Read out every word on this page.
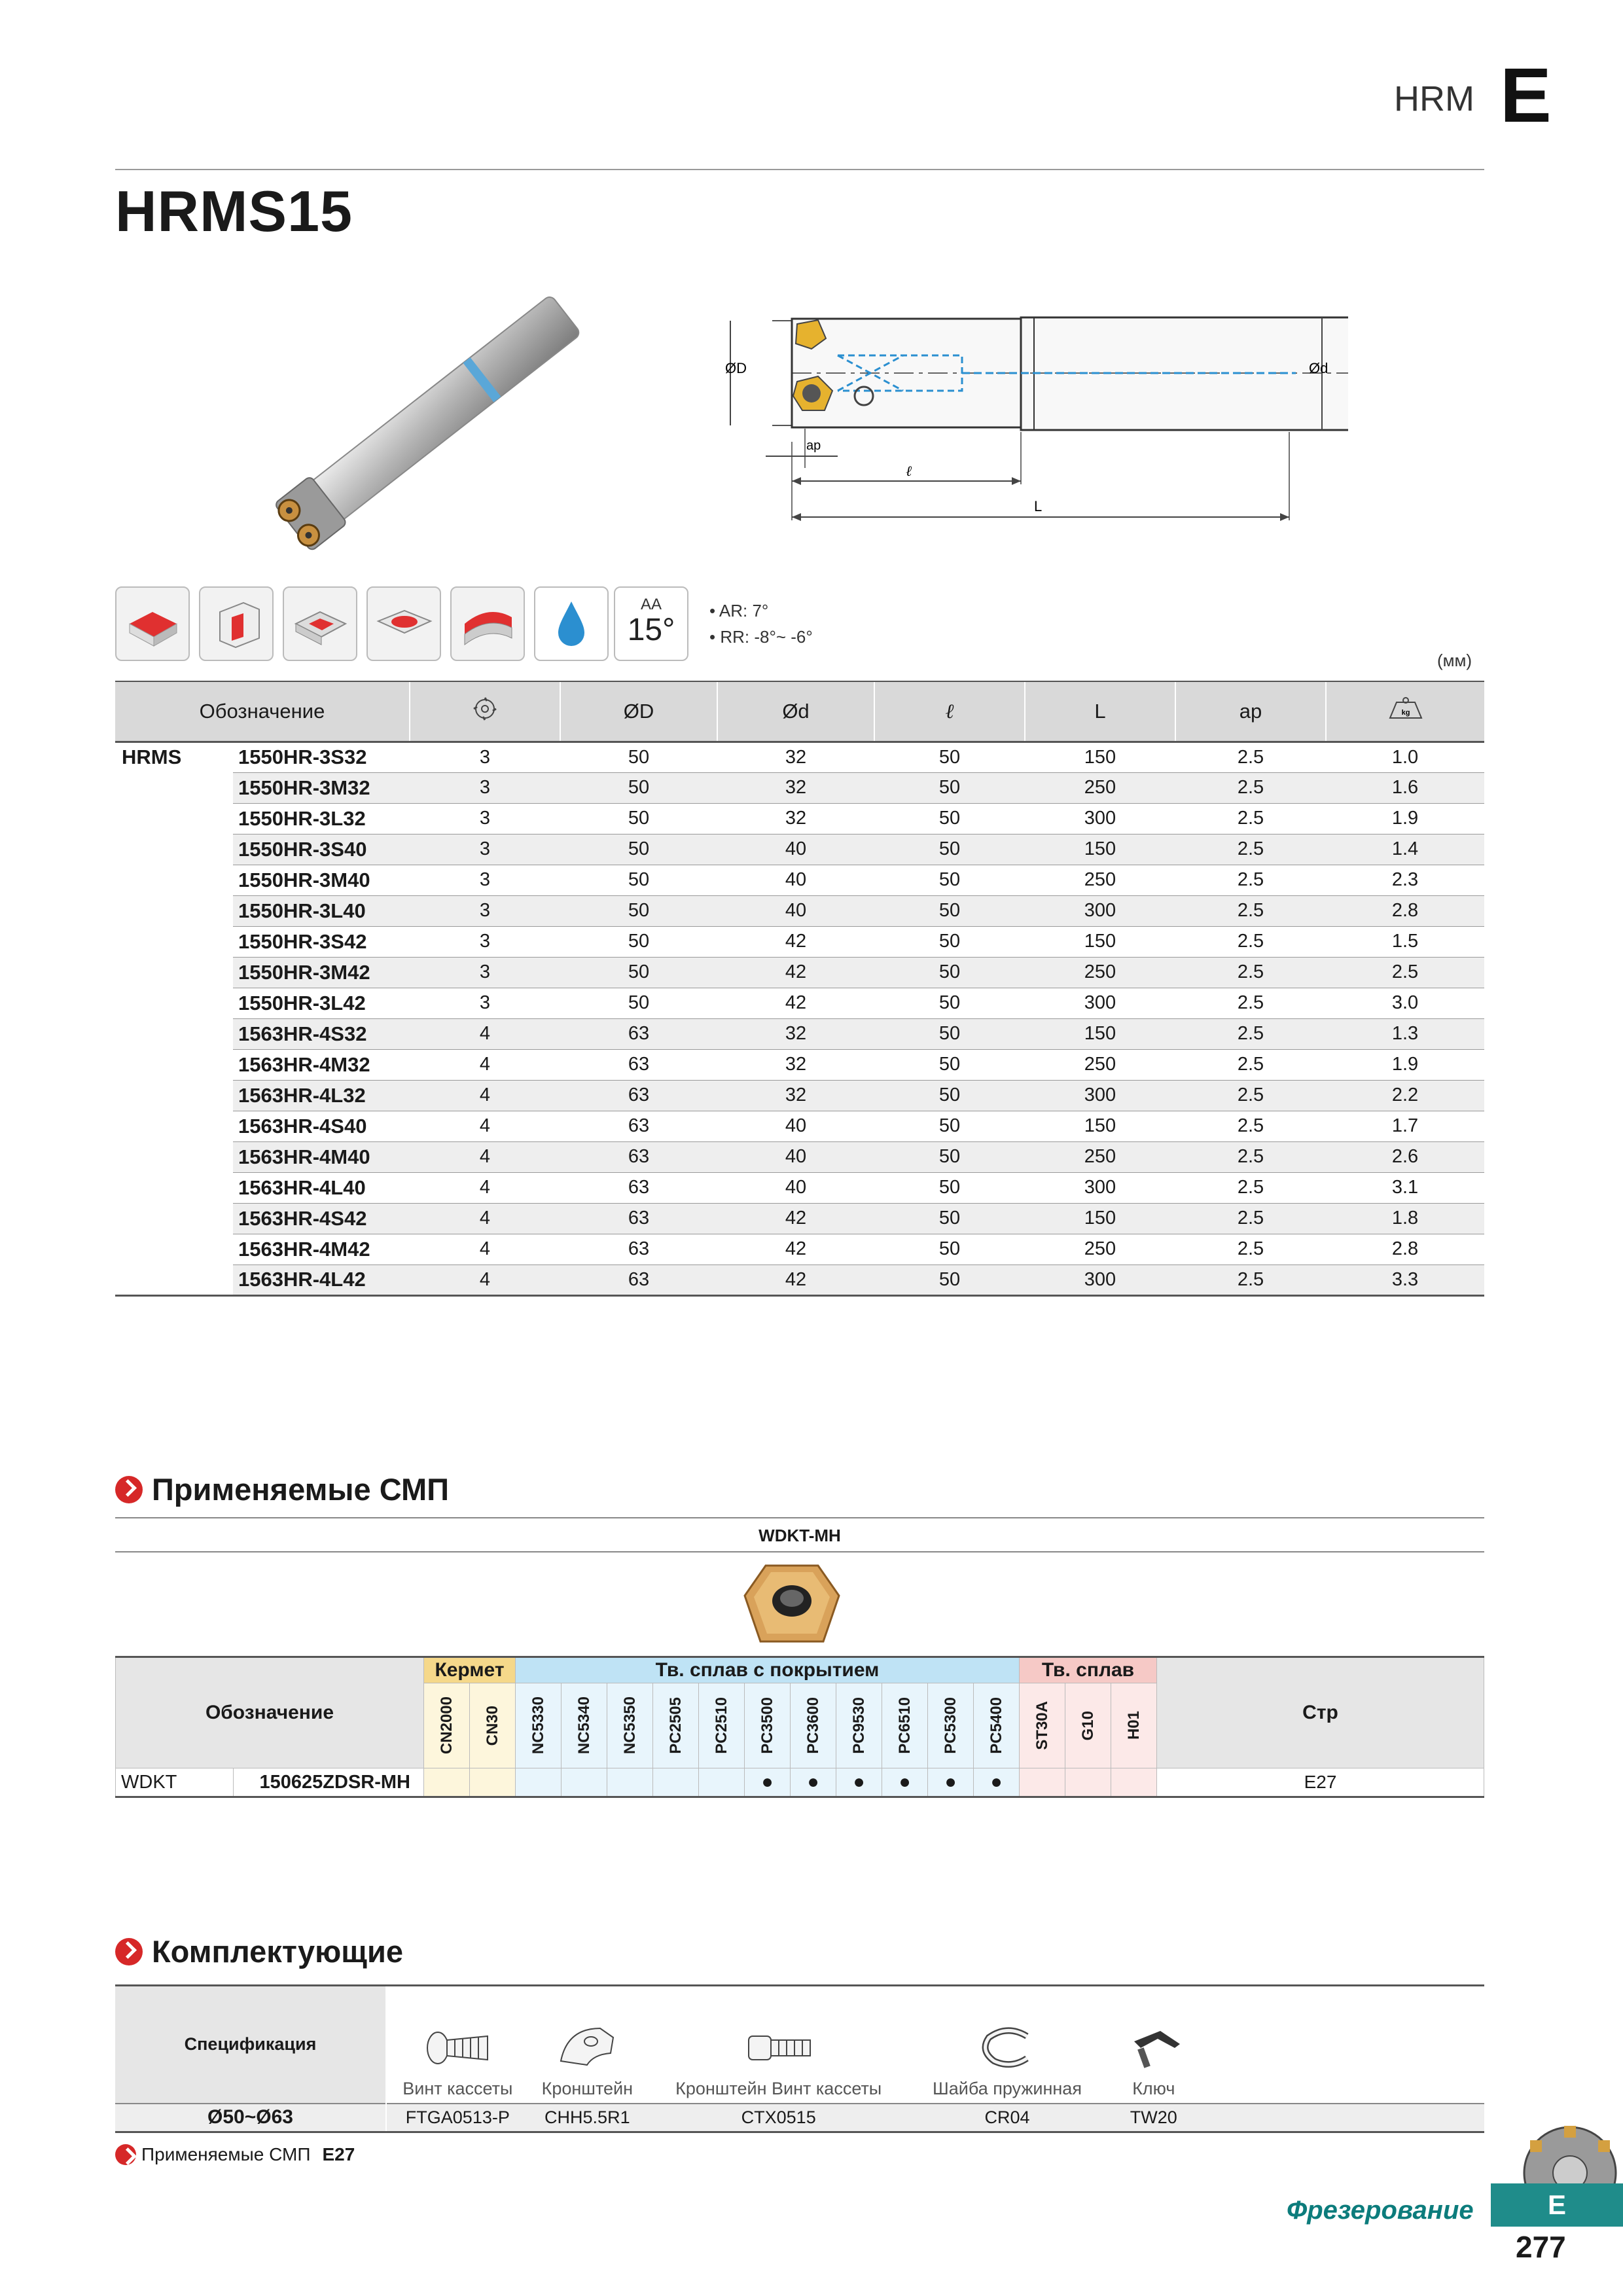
HRM E
HRMS15
ØD	Ød
ap
ℓ
L
AA
15°
• AR: 7°
• RR: -8°~ -6°
(мм)
Обозначение			ØD	Ød	ℓ	L	ap	kg

HRMS	1550HR-3S32	3	50	32	50	150	2.5	1.0
	1550HR-3M32	3	50	32	50	250	2.5	1.6
	1550HR-3L32	3	50	32	50	300	2.5	1.9
	1550HR-3S40	3	50	40	50	150	2.5	1.4
	1550HR-3M40	3	50	40	50	250	2.5	2.3
	1550HR-3L40	3	50	40	50	300	2.5	2.8
	1550HR-3S42	3	50	42	50	150	2.5	1.5
	1550HR-3M42	3	50	42	50	250	2.5	2.5
	1550HR-3L42	3	50	42	50	300	2.5	3.0
	1563HR-4S32	4	63	32	50	150	2.5	1.3
	1563HR-4M32	4	63	32	50	250	2.5	1.9
	1563HR-4L32	4	63	32	50	300	2.5	2.2
	1563HR-4S40	4	63	40	50	150	2.5	1.7
	1563HR-4M40	4	63	40	50	250	2.5	2.6
	1563HR-4L40	4	63	40	50	300	2.5	3.1
	1563HR-4S42	4	63	42	50	150	2.5	1.8
	1563HR-4M42	4	63	42	50	250	2.5	2.8
	1563HR-4L42	4	63	42	50	300	2.5	3.3
Применяемые СМП
WDKT-MH
Обозначение		Кермет		Тв. сплав с покрытием											Тв. сплав			Стр

		CN2000	CN30	NC5330	NC5340	NC5350	PC2505	PC2510	PC3500	PC3600	PC9530	PC6510	PC5300	PC5400	ST30A	G10	H01	

WDKT	150625ZDSR-MH								●	●	●	●	●	●				E27
Комплектующие
Спецификация	Винт кассеты	Кронштейн	Кронштейн Винт кассеты	Шайба пружинная	Ключ	

Ø50~Ø63	FTGA0513-P	CHH5.5R1	CTX0515	CR04	TW20	
Применяемые СМП E27
Фрезерование	E
277
